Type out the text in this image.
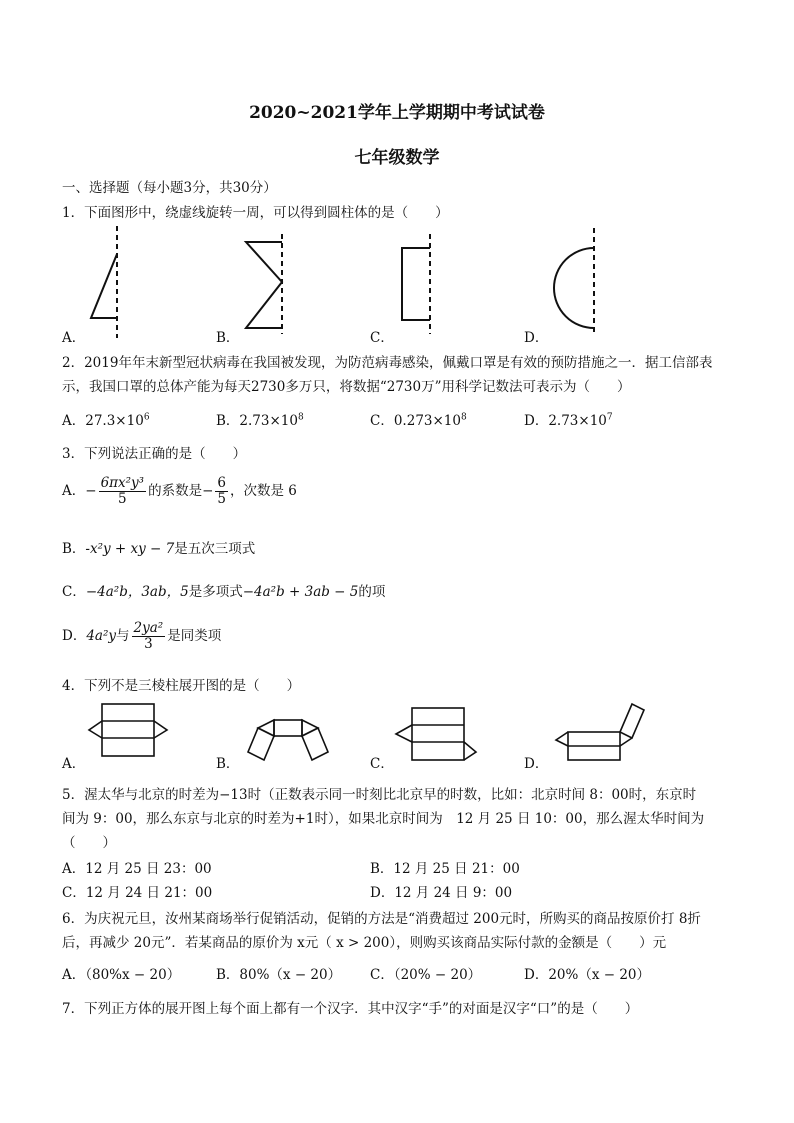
2020~2021学年上学期期中考试试卷
七年级数学
一、选择题（每小题3分，共30分）
1．下面图形中，绕虚线旋转一周，可以得到圆柱体的是（　　）
A．	B．	C．	D．
2．2019年年末新型冠状病毒在我国被发现，为防范病毒感染，佩戴口罩是有效的预防措施之一．据工信部表
示，我国口罩的总体产能为每天2730多万只，将数据“2730万”用科学记数法可表示为（　　）
A．$27.3\times 10^6$	B．$2.73\times 10^8$	C．$0.273\times 10^8$	D．$2.73\times 10^7$
3．下列说法正确的是（　　）
A．− $\frac{\text{6πx²y³}}{5}$ 的系数是− $\frac{6}{5}$ ，次数是 6
B．-x²y + xy − 7是五次三项式
C．−4a²b，3ab，5是多项式−4a²b + 3ab − 5的项
D．4a²y与 $\frac{\text{2ya²}}{3}$ 是同类项
4．下列不是三棱柱展开图的是（　　）
A．	B．	C．	D．
5．渥太华与北京的时差为−13时（正数表示同一时刻比北京早的时数，比如：北京时间 8：00时，东京时
间为 9：00，那么东京与北京的时差为+1时），如果北京时间为　12 月 25 日 10：00，那么渥太华时间为
（　　）
A．12 月 25 日 23：00	B．12 月 25 日 21：00
C．12 月 24 日 21：00	D．12 月 24 日 9：00
6．为庆祝元旦，汝州某商场举行促销活动，促销的方法是“消费超过 200元时，所购买的商品按原价打 8折
后，再减少 20元”．若某商品的原价为 x元（ x > 200），则购买该商品实际付款的金额是（　　）元
A．（80%x − 20）	B．80%（x − 20） C．（20% − 20）	D．20%（x − 20）
7．下列正方体的展开图上每个面上都有一个汉字．其中汉字“手”的对面是汉字“口”的是（　　）
